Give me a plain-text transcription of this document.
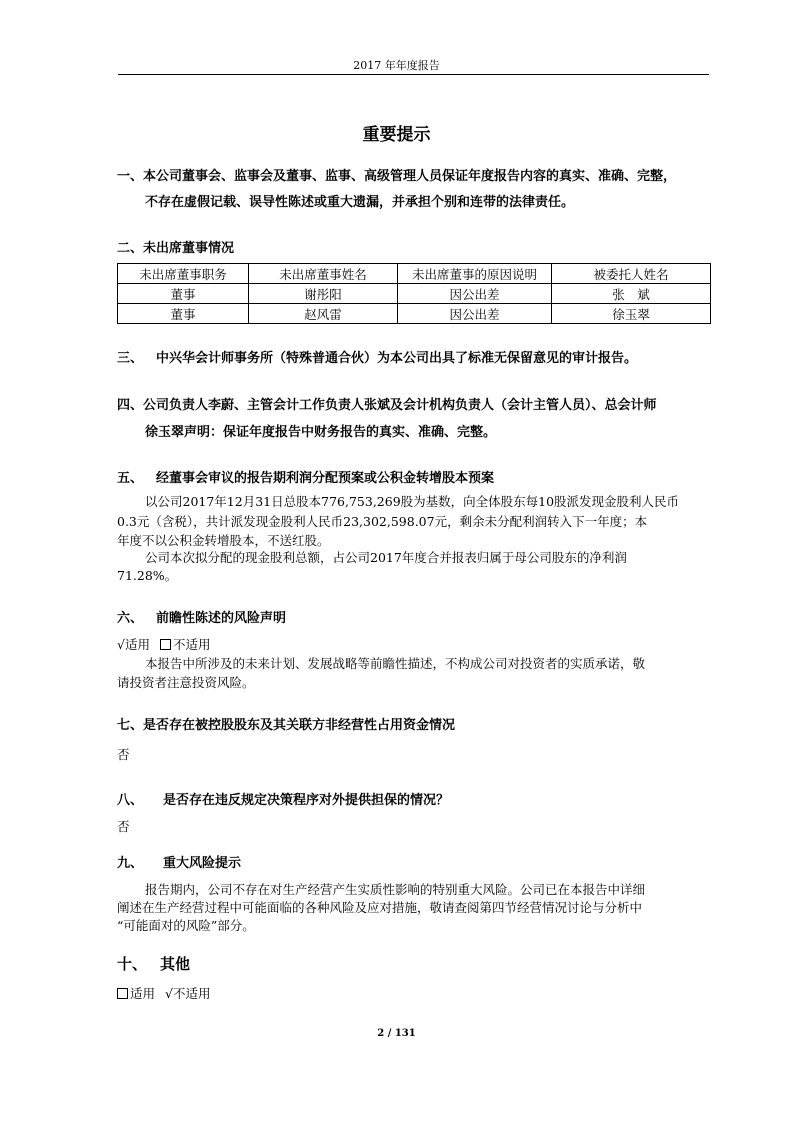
2017 年年度报告
重要提示
一、本公司董事会、监事会及董事、监事、高级管理人员保证年度报告内容的真实、准确、完整，
不存在虚假记载、误导性陈述或重大遗漏，并承担个别和连带的法律责任。
二、未出席董事情况
未出席董事职务	未出席董事姓名	未出席董事的原因说明	被委托人姓名
董事	谢彤阳	因公出差	张　斌
董事	赵风雷	因公出差	徐玉翠
三、 中兴华会计师事务所（特殊普通合伙）为本公司出具了标准无保留意见的审计报告。
四、公司负责人李蔚、主管会计工作负责人张斌及会计机构负责人（会计主管人员）、总会计师
徐玉翠声明：保证年度报告中财务报告的真实、准确、完整。
五、 经董事会审议的报告期利润分配预案或公积金转增股本预案
以公司2017年12月31日总股本776,753,269股为基数，向全体股东每10股派发现金股利人民币
0.3元（含税），共计派发现金股利人民币23,302,598.07元，剩余未分配利润转入下一年度；本
年度不以公积金转增股本，不送红股。
公司本次拟分配的现金股利总额，占公司2017年度合并报表归属于母公司股东的净利润
71.28%。
六、 前瞻性陈述的风险声明
√适用 不适用
本报告中所涉及的未来计划、发展战略等前瞻性描述，不构成公司对投资者的实质承诺，敬
请投资者注意投资风险。
七、是否存在被控股股东及其关联方非经营性占用资金情况
否
八、 是否存在违反规定决策程序对外提供担保的情况？
否
九、 重大风险提示
报告期内，公司不存在对生产经营产生实质性影响的特别重大风险。公司已在本报告中详细
阐述在生产经营过程中可能面临的各种风险及应对措施，敬请查阅第四节经营情况讨论与分析中
“可能面对的风险”部分。
十、 其他
适用 √不适用
2 / 131
